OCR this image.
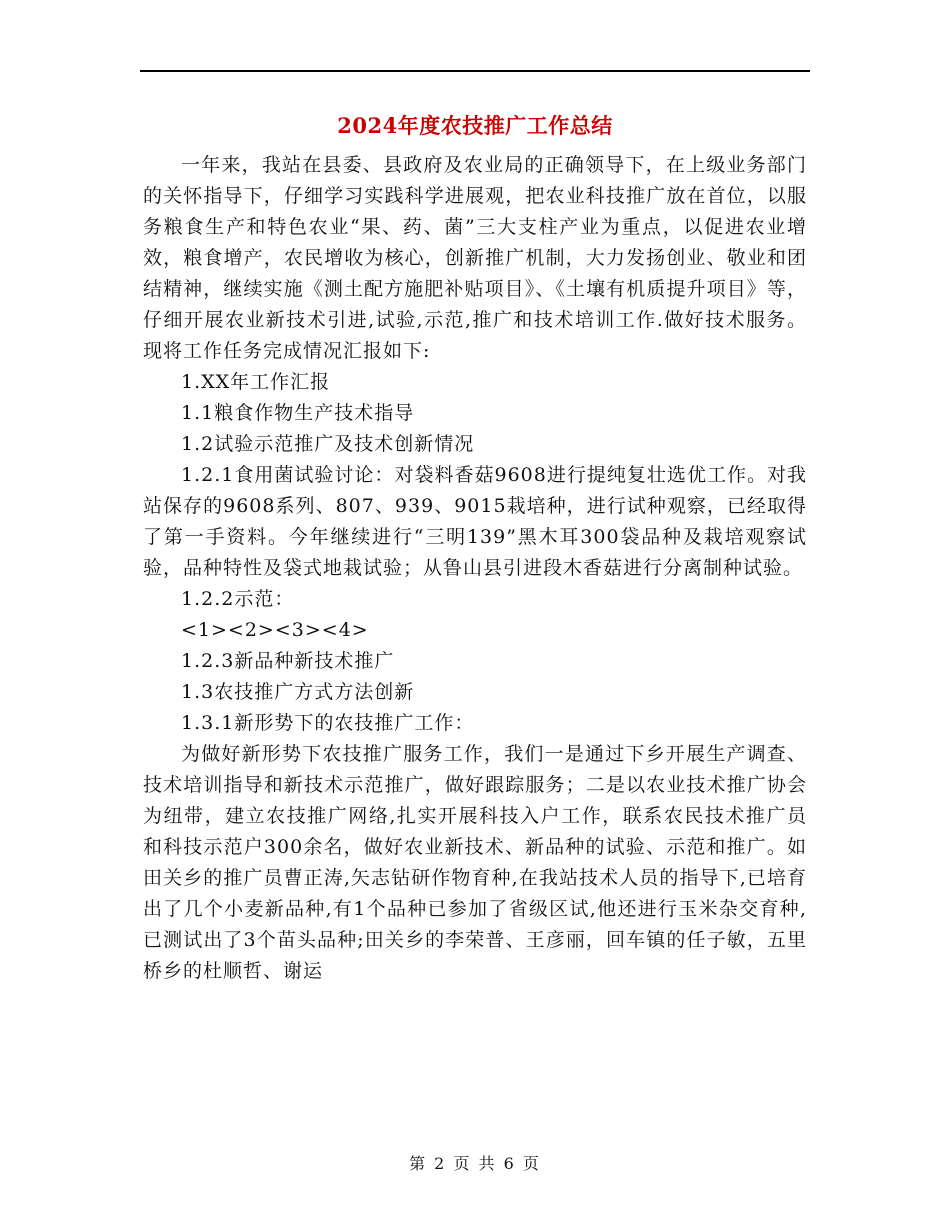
2024年度农技推广工作总结

一年来，我站在县委、县政府及农业局的正确领导下，在上级业务部门的关怀指导下，仔细学习实践科学进展观，把农业科技推广放在首位，以服务粮食生产和特色农业“果、药、菌”三大支柱产业为重点，以促进农业增效，粮食增产，农民增收为核心，创新推广机制，大力发扬创业、敬业和团结精神，继续实施《测土配方施肥补贴项目》、《土壤有机质提升项目》等，仔细开展农业新技术引进,试验,示范,推广和技术培训工作.做好技术服务。现将工作任务完成情况汇报如下:

1.XX年工作汇报

1.1粮食作物生产技术指导

1.2试验示范推广及技术创新情况

1.2.1食用菌试验讨论：对袋料香菇9608进行提纯复壮选优工作。对我站保存的9608系列、807、939、9015栽培种，进行试种观察，已经取得了第一手资料。今年继续进行“三明139”黑木耳300袋品种及栽培观察试验，品种特性及袋式地栽试验；从鲁山县引进段木香菇进行分离制种试验。

1.2.2示范：

<1><2><3><4>

1.2.3新品种新技术推广

1.3农技推广方式方法创新

1.3.1新形势下的农技推广工作：

为做好新形势下农技推广服务工作，我们一是通过下乡开展生产调查、技术培训指导和新技术示范推广，做好跟踪服务；二是以农业技术推广协会为纽带，建立农技推广网络,扎实开展科技入户工作，联系农民技术推广员和科技示范户300余名，做好农业新技术、新品种的试验、示范和推广。如田关乡的推广员曹正涛,矢志钻研作物育种,在我站技术人员的指导下,已培育出了几个小麦新品种,有1个品种已参加了省级区试,他还进行玉米杂交育种,已测试出了3个苗头品种;田关乡的李荣普、王彦丽，回车镇的任子敏，五里桥乡的杜顺哲、谢运

第 2 页 共 6 页
